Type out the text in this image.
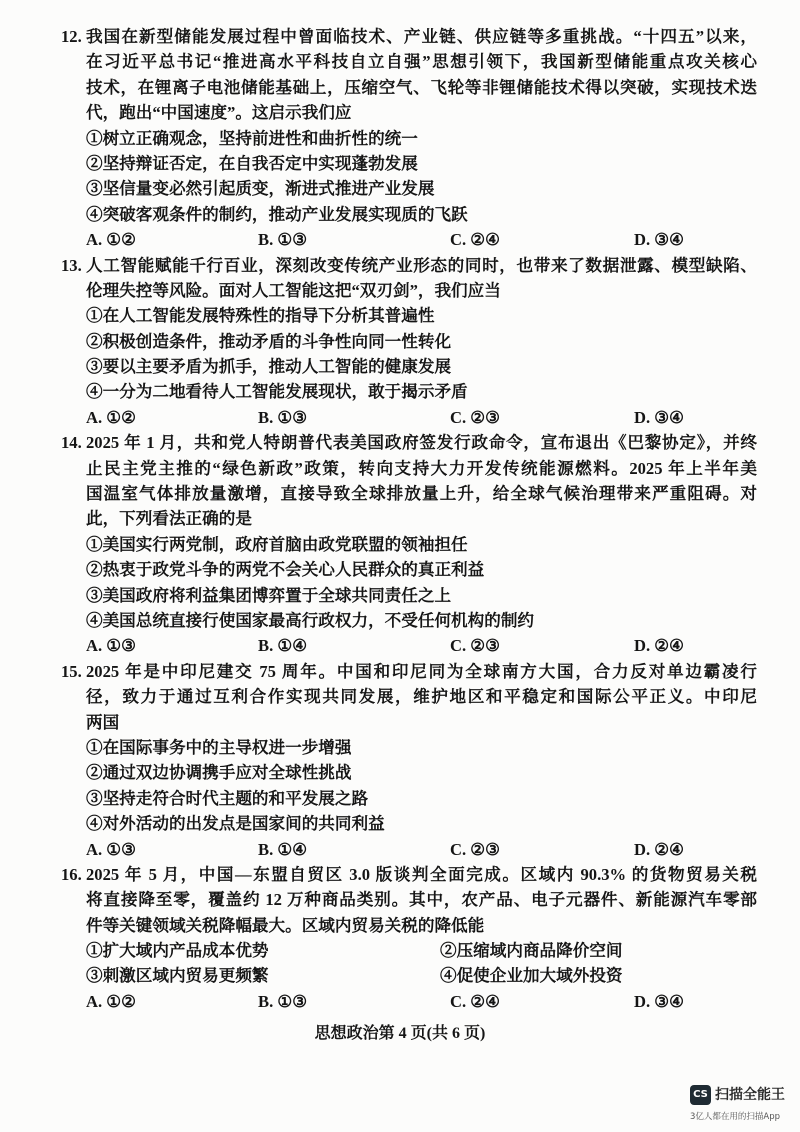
12. 我国在新型储能发展过程中曾面临技术、产业链、供应链等多重挑战。“十四五”以来，
在习近平总书记“推进高水平科技自立自强”思想引领下，我国新型储能重点攻关核心
技术，在锂离子电池储能基础上，压缩空气、飞轮等非锂储能技术得以突破，实现技术迭
代，跑出“中国速度”。这启示我们应
①树立正确观念，坚持前进性和曲折性的统一
②坚持辩证否定，在自我否定中实现蓬勃发展
③坚信量变必然引起质变，渐进式推进产业发展
④突破客观条件的制约，推动产业发展实现质的飞跃
A. ①②	B. ①③	C. ②④	D. ③④
13. 人工智能赋能千行百业，深刻改变传统产业形态的同时，也带来了数据泄露、模型缺陷、
伦理失控等风险。面对人工智能这把“双刃剑”，我们应当
①在人工智能发展特殊性的指导下分析其普遍性
②积极创造条件，推动矛盾的斗争性向同一性转化
③要以主要矛盾为抓手，推动人工智能的健康发展
④一分为二地看待人工智能发展现状，敢于揭示矛盾
A. ①②	B. ①③	C. ②③	D. ③④
14. 2025 年 1 月，共和党人特朗普代表美国政府签发行政命令，宣布退出《巴黎协定》，并终
止民主党主推的“绿色新政”政策，转向支持大力开发传统能源燃料。2025 年上半年美
国温室气体排放量激增，直接导致全球排放量上升，给全球气候治理带来严重阻碍。对
此，下列看法正确的是
①美国实行两党制，政府首脑由政党联盟的领袖担任
②热衷于政党斗争的两党不会关心人民群众的真正利益
③美国政府将利益集团博弈置于全球共同责任之上
④美国总统直接行使国家最高行政权力，不受任何机构的制约
A. ①③	B. ①④	C. ②③	D. ②④
15. 2025 年是中印尼建交 75 周年。中国和印尼同为全球南方大国，合力反对单边霸凌行
径，致力于通过互利合作实现共同发展，维护地区和平稳定和国际公平正义。中印尼
两国
①在国际事务中的主导权进一步增强
②通过双边协调携手应对全球性挑战
③坚持走符合时代主题的和平发展之路
④对外活动的出发点是国家间的共同利益
A. ①③	B. ①④	C. ②③	D. ②④
16. 2025 年 5 月，中国—东盟自贸区 3.0 版谈判全面完成。区域内 90.3% 的货物贸易关税
将直接降至零，覆盖约 12 万种商品类别。其中，农产品、电子元器件、新能源汽车零部
件等关键领域关税降幅最大。区域内贸易关税的降低能
①扩大域内产品成本优势	②压缩域内商品降价空间
③刺激区域内贸易更频繁	④促使企业加大域外投资
A. ①②	B. ①③	C. ②④	D. ③④
思想政治第 4 页(共 6 页)
CS 扫描全能王
3亿人都在用的扫描App
